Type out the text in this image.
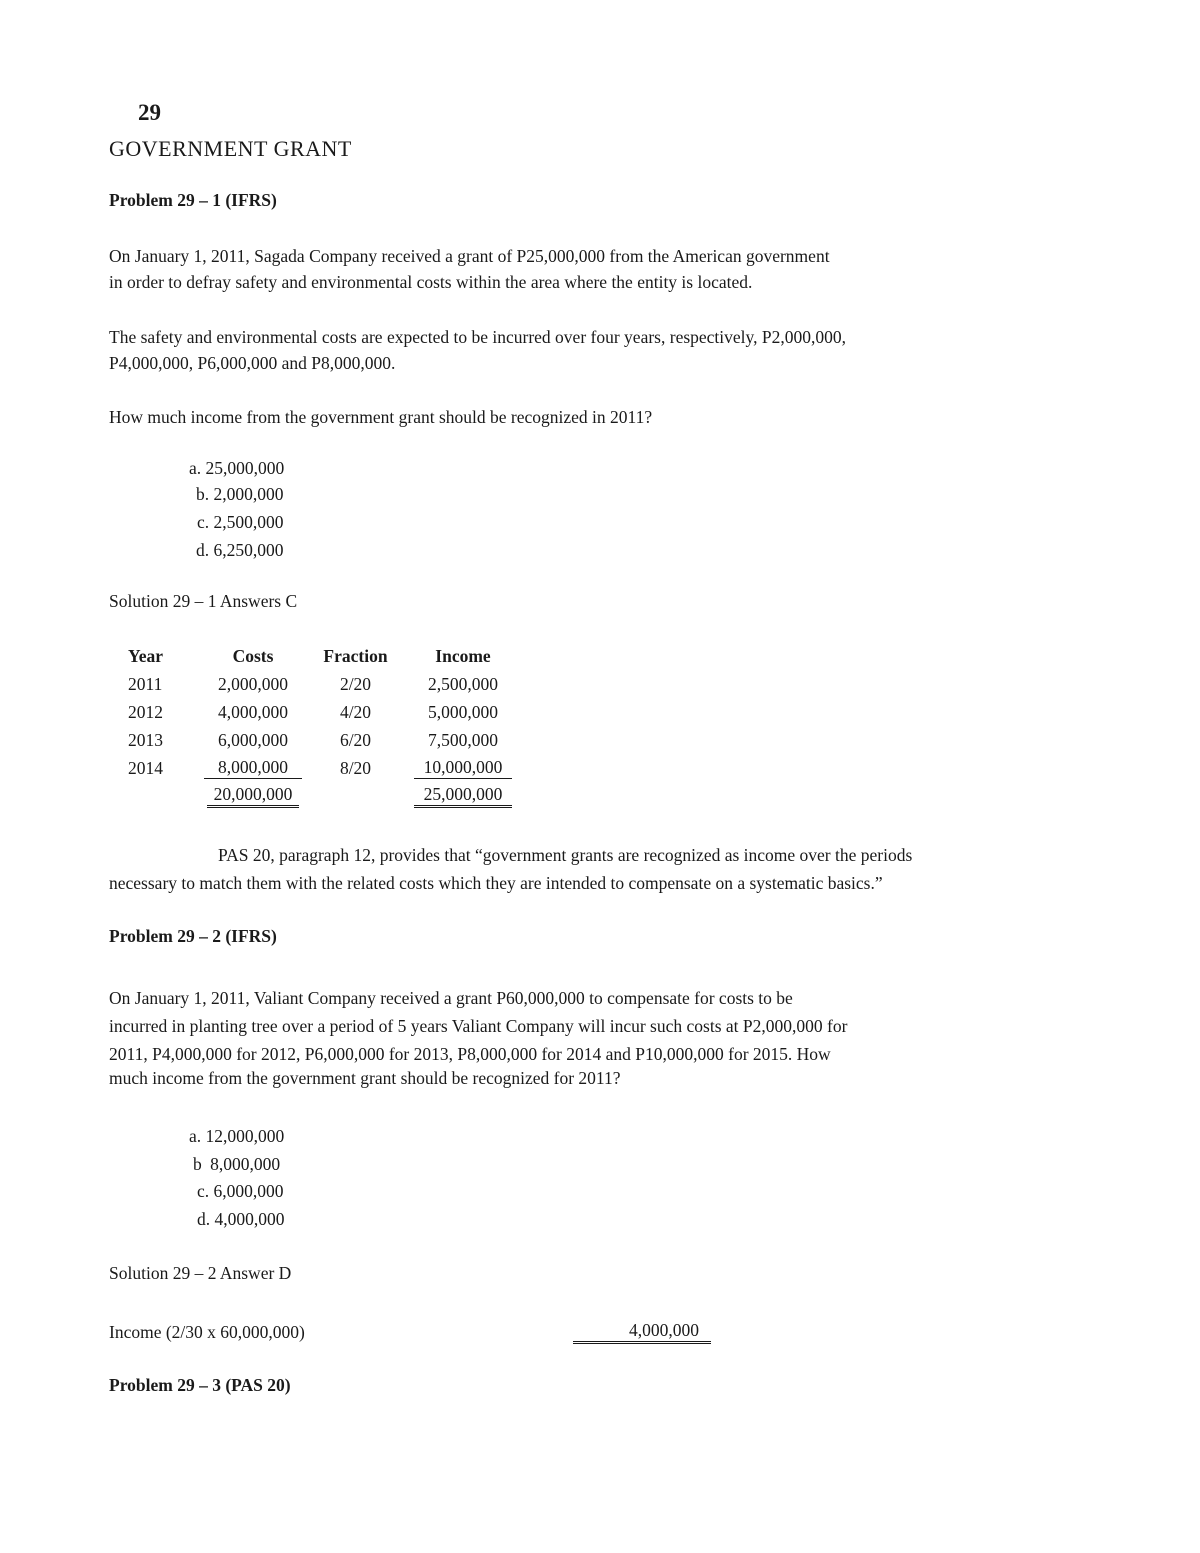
29
GOVERNMENT GRANT
Problem 29 – 1 (IFRS)
On January 1, 2011, Sagada Company received a grant of P25,000,000 from the American government
in order to defray safety and environmental costs within the area where the entity is located.
The safety and environmental costs are expected to be incurred over four years, respectively, P2,000,000,
P4,000,000, P6,000,000 and P8,000,000.
How much income from the government grant should be recognized in 2011?
a. 25,000,000
b. 2,000,000
c. 2,500,000
d. 6,250,000
Solution 29 – 1 Answers C
Year	Costs	Fraction	Income
2011	2,000,000	2/20	2,500,000
2012	4,000,000	4/20	5,000,000
2013	6,000,000	6/20	7,500,000
2014	8,000,000	8/20	10,000,000
	20,000,000		25,000,000
PAS 20, paragraph 12, provides that “government grants are recognized as income over the periods
necessary to match them with the related costs which they are intended to compensate on a systematic basics.”
Problem 29 – 2 (IFRS)
On January 1, 2011, Valiant Company received a grant P60,000,000 to compensate for costs to be
incurred in planting tree over a period of 5 years Valiant Company will incur such costs at P2,000,000 for
2011, P4,000,000 for 2012, P6,000,000 for 2013, P8,000,000 for 2014 and P10,000,000 for 2015. How
much income from the government grant should be recognized for 2011?
a. 12,000,000
b 8,000,000
c. 6,000,000
d. 4,000,000
Solution 29 – 2 Answer D
Income (2/30 x 60,000,000)	4,000,000
Problem 29 – 3 (PAS 20)
